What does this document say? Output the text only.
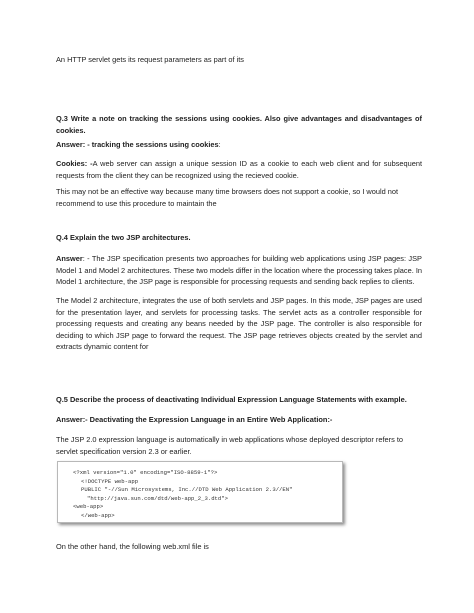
An HTTP servlet gets its request parameters as part of its

Q.3 Write a note on tracking the sessions using cookies. Also give advantages and disadvantages of cookies.

Answer: - tracking the sessions using cookies:

Cookies: -A web server can assign a unique session ID as a cookie to each web client and for subsequent requests from the client they can be recognized using the recieved cookie.

This may not be an effective way because many time browsers does not support a cookie, so I would not recommend to use this procedure to maintain the

Q.4 Explain the two JSP architectures.

Answer: - The JSP specification presents two approaches for building web applications using JSP pages: JSP Model 1 and Model 2 architectures. These two models differ in the location where the processing takes place. In Model 1 architecture, the JSP page is responsible for processing requests and sending back replies to clients.

The Model 2 architecture, integrates the use of both servlets and JSP pages. In this mode, JSP pages are used for the presentation layer, and servlets for processing tasks. The servlet acts as a controller responsible for processing requests and creating any beans needed by the JSP page. The controller is also responsible for deciding to which JSP page to forward the request. The JSP page retrieves objects created by the servlet and extracts dynamic content for

Q.5 Describe the process of deactivating Individual Expression Language Statements with example.

Answer:- Deactivating the Expression Language in an Entire Web Application:-

The JSP 2.0 expression language is automatically in web applications whose deployed descriptor refers to servlet specification version 2.3 or earlier.

<?xml version="1.0" encoding="ISO-8859-1"?>
<!DOCTYPE web-app
PUBLIC "-//Sun Microsystems, Inc.//DTD Web Application 2.3//EN"
"http://java.sun.com/dtd/web-app_2_3.dtd">
<web-app>
</web-app>

On the other hand, the following web.xml file is
